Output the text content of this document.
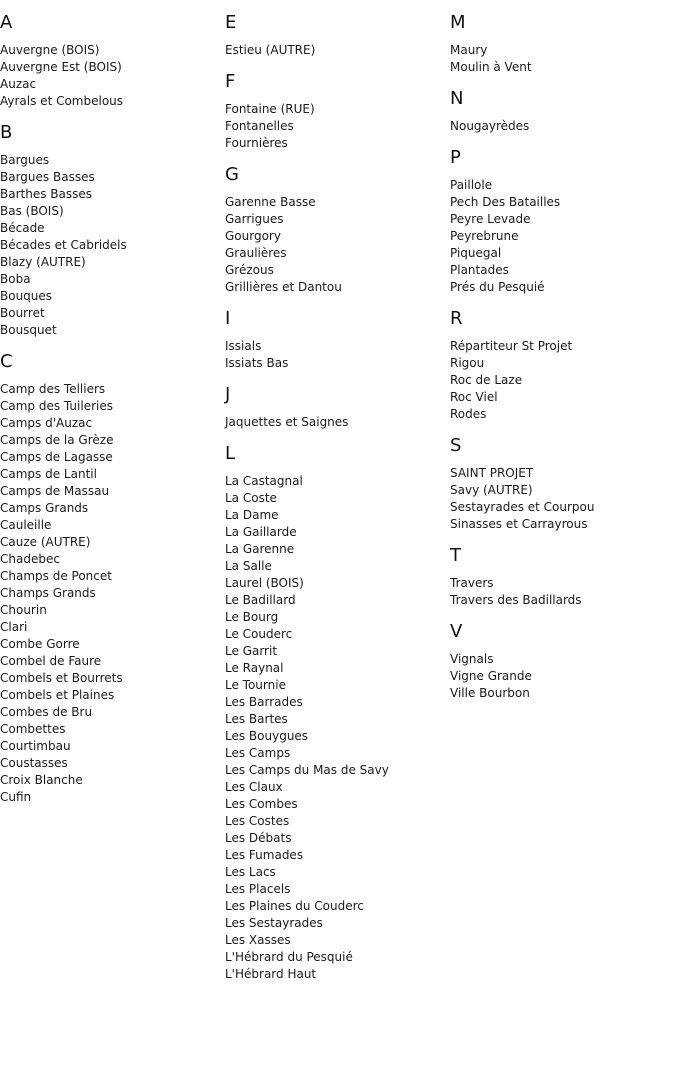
A
Auvergne (BOIS)
Auvergne Est (BOIS)
Auzac
Ayrals et Combelous
B
Bargues
Bargues Basses
Barthes Basses
Bas (BOIS)
Bécade
Bécades et Cabridels
Blazy (AUTRE)
Boba
Bouques
Bourret
Bousquet
C
Camp des Telliers
Camp des Tuileries
Camps d'Auzac
Camps de la Grèze
Camps de Lagasse
Camps de Lantil
Camps de Massau
Camps Grands
Cauleille
Cauze (AUTRE)
Chadebec
Champs de Poncet
Champs Grands
Chourin
Clari
Combe Gorre
Combel de Faure
Combels et Bourrets
Combels et Plaines
Combes de Bru
Combettes
Courtimbau
Coustasses
Croix Blanche
Cufin
E
Estieu (AUTRE)
F
Fontaine (RUE)
Fontanelles
Fournières
G
Garenne Basse
Garrigues
Gourgory
Graulières
Grézous
Grillières et Dantou
I
Issials
Issiats Bas
J
Jaquettes et Saignes
L
La Castagnal
La Coste
La Dame
La Gaillarde
La Garenne
La Salle
Laurel (BOIS)
Le Badillard
Le Bourg
Le Couderc
Le Garrit
Le Raynal
Le Tournie
Les Barrades
Les Bartes
Les Bouygues
Les Camps
Les Camps du Mas de Savy
Les Claux
Les Combes
Les Costes
Les Débats
Les Fumades
Les Lacs
Les Placels
Les Plaines du Couderc
Les Sestayrades
Les Xasses
L'Hébrard du Pesquié
L'Hébrard Haut
M
Maury
Moulin à Vent
N
Nougayrèdes
P
Paillole
Pech Des Batailles
Peyre Levade
Peyrebrune
Piquegal
Plantades
Prés du Pesquié
R
Répartiteur St Projet
Rigou
Roc de Laze
Roc Viel
Rodes
S
SAINT PROJET
Savy (AUTRE)
Sestayrades et Courpou
Sinasses et Carrayrous
T
Travers
Travers des Badillards
V
Vignals
Vigne Grande
Ville Bourbon
